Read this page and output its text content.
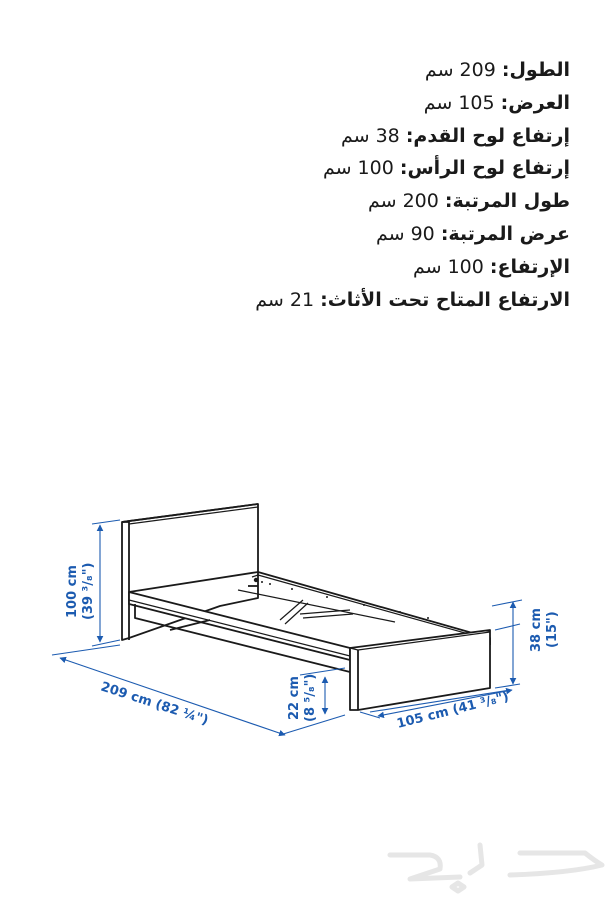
الطول: 209 سم
العرض: 105 سم
إرتفاع لوح القدم: 38 سم
إرتفاع لوح الرأس: 100 سم
طول المرتبة: 200 سم
عرض المرتبة: 90 سم
الإرتفاع: 100 سم
الارتفاع المتاح تحت الأثاث: 21 سم
100 cm (39 ³/₈")
209 cm (82 ¼")	22 cm (8 ⁵/₈")	105 cm (41 ³/₈")
38 cm (15")
